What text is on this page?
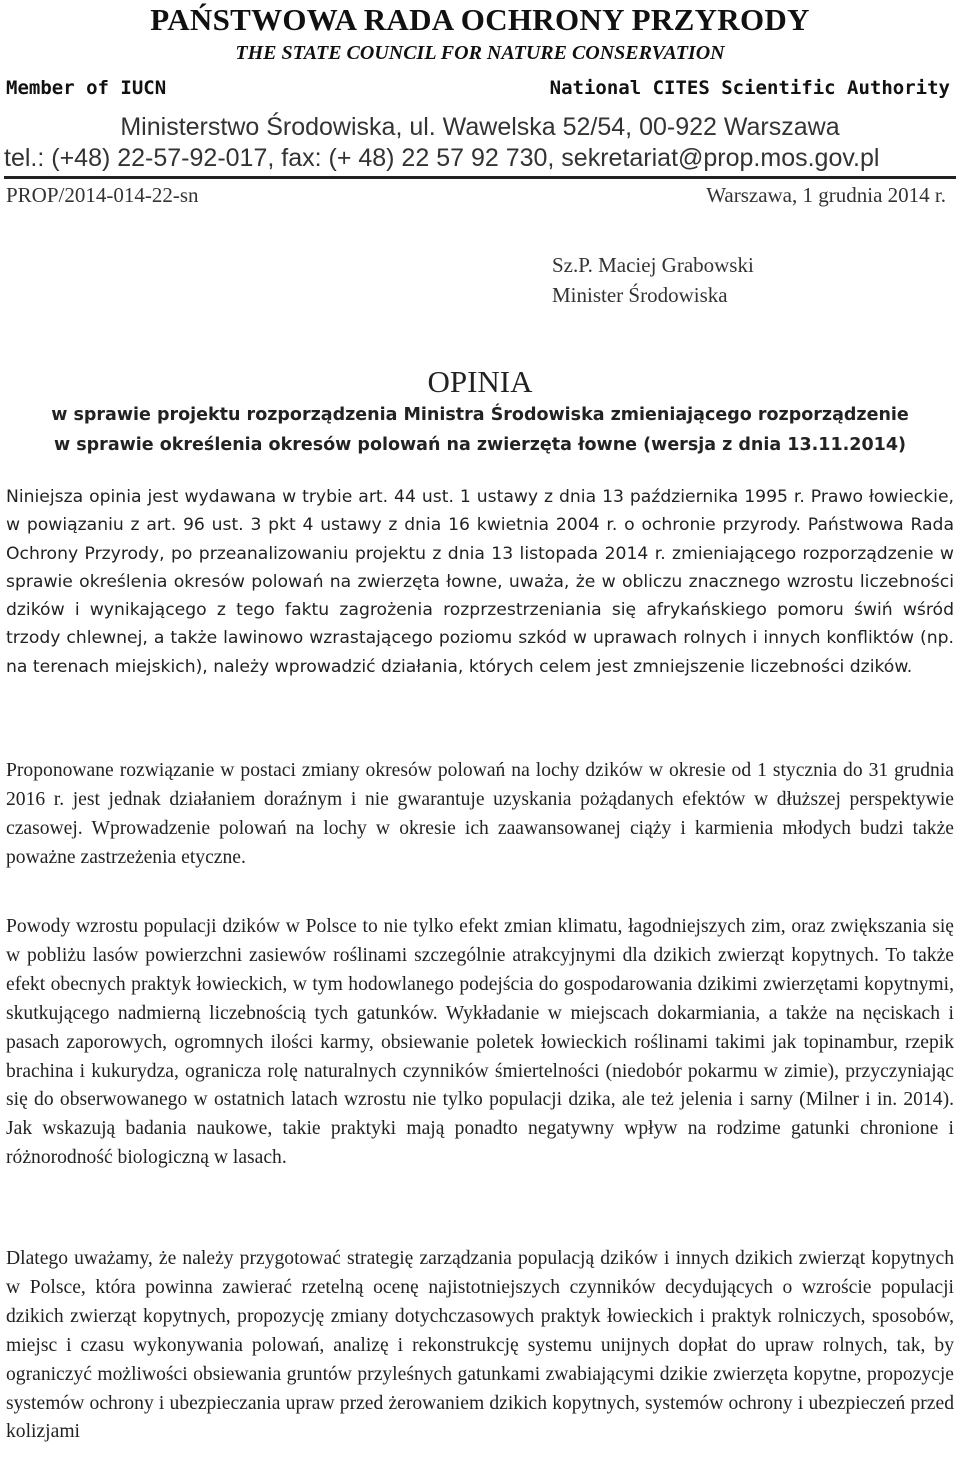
PAŃSTWOWA RADA OCHRONY PRZYRODY
THE STATE COUNCIL FOR NATURE CONSERVATION
Member of IUCN	National CITES Scientific Authority
Ministerstwo Środowiska, ul. Wawelska 52/54, 00-922 Warszawa
tel.: (+48) 22-57-92-017, fax: (+ 48) 22 57 92 730, sekretariat@prop.mos.gov.pl
PROP/2014-014-22-sn	Warszawa, 1 grudnia 2014 r.
Sz.P. Maciej Grabowski
Minister Środowiska
OPINIA
w sprawie projektu rozporządzenia Ministra Środowiska zmieniającego rozporządzenie
w sprawie określenia okresów polowań na zwierzęta łowne (wersja z dnia 13.11.2014)

Niniejsza opinia jest wydawana w trybie art. 44 ust. 1 ustawy z dnia 13 października 1995 r. Prawo łowieckie, w powiązaniu z art. 96 ust. 3 pkt 4 ustawy z dnia 16 kwietnia 2004 r. o ochronie przyrody. Państwowa Rada Ochrony Przyrody, po przeanalizowaniu projektu z dnia 13 listopada 2014 r. zmieniającego rozporządzenie w sprawie określenia okresów polowań na zwierzęta łowne, uważa, że w obliczu znacznego wzrostu liczebności dzików i wynikającego z tego faktu zagrożenia rozprzestrzeniania się afrykańskiego pomoru świń wśród trzody chlewnej, a także lawinowo wzrastającego poziomu szkód w uprawach rolnych i innych konfliktów (np. na terenach miejskich), należy wprowadzić działania, których celem jest zmniejszenie liczebności dzików.

Proponowane rozwiązanie w postaci zmiany okresów polowań na lochy dzików w okresie od 1 stycznia do 31 grudnia 2016 r. jest jednak działaniem doraźnym i nie gwarantuje uzyskania pożądanych efektów w dłuższej perspektywie czasowej. Wprowadzenie polowań na lochy w okresie ich zaawansowanej ciąży i karmienia młodych budzi także poważne zastrzeżenia etyczne.

Powody wzrostu populacji dzików w Polsce to nie tylko efekt zmian klimatu, łagodniejszych zim, oraz zwiększania się w pobliżu lasów powierzchni zasiewów roślinami szczególnie atrakcyjnymi dla dzikich zwierząt kopytnych. To także efekt obecnych praktyk łowieckich, w tym hodowlanego podejścia do gospodarowania dzikimi zwierzętami kopytnymi, skutkującego nadmierną liczebnością tych gatunków. Wykładanie w miejscach dokarmiania, a także na nęciskach i pasach zaporowych, ogromnych ilości karmy, obsiewanie poletek łowieckich roślinami takimi jak topinambur, rzepik brachina i kukurydza, ogranicza rolę naturalnych czynników śmiertelności (niedobór pokarmu w zimie), przyczyniając się do obserwowanego w ostatnich latach wzrostu nie tylko populacji dzika, ale też jelenia i sarny (Milner i in. 2014). Jak wskazują badania naukowe, takie praktyki mają ponadto negatywny wpływ na rodzime gatunki chronione i różnorodność biologiczną w lasach.

Dlatego uważamy, że należy przygotować strategię zarządzania populacją dzików i innych dzikich zwierząt kopytnych w Polsce, która powinna zawierać rzetelną ocenę najistotniejszych czynników decydujących o wzroście populacji dzikich zwierząt kopytnych, propozycję zmiany dotychczasowych praktyk łowieckich i praktyk rolniczych, sposobów, miejsc i czasu wykonywania polowań, analizę i rekonstrukcję systemu unijnych dopłat do upraw rolnych, tak, by ograniczyć możliwości obsiewania gruntów przyleśnych gatunkami zwabiającymi dzikie zwierzęta kopytne, propozycje systemów ochrony i ubezpieczania upraw przed żerowaniem dzikich kopytnych, systemów ochrony i ubezpieczeń przed kolizjami
